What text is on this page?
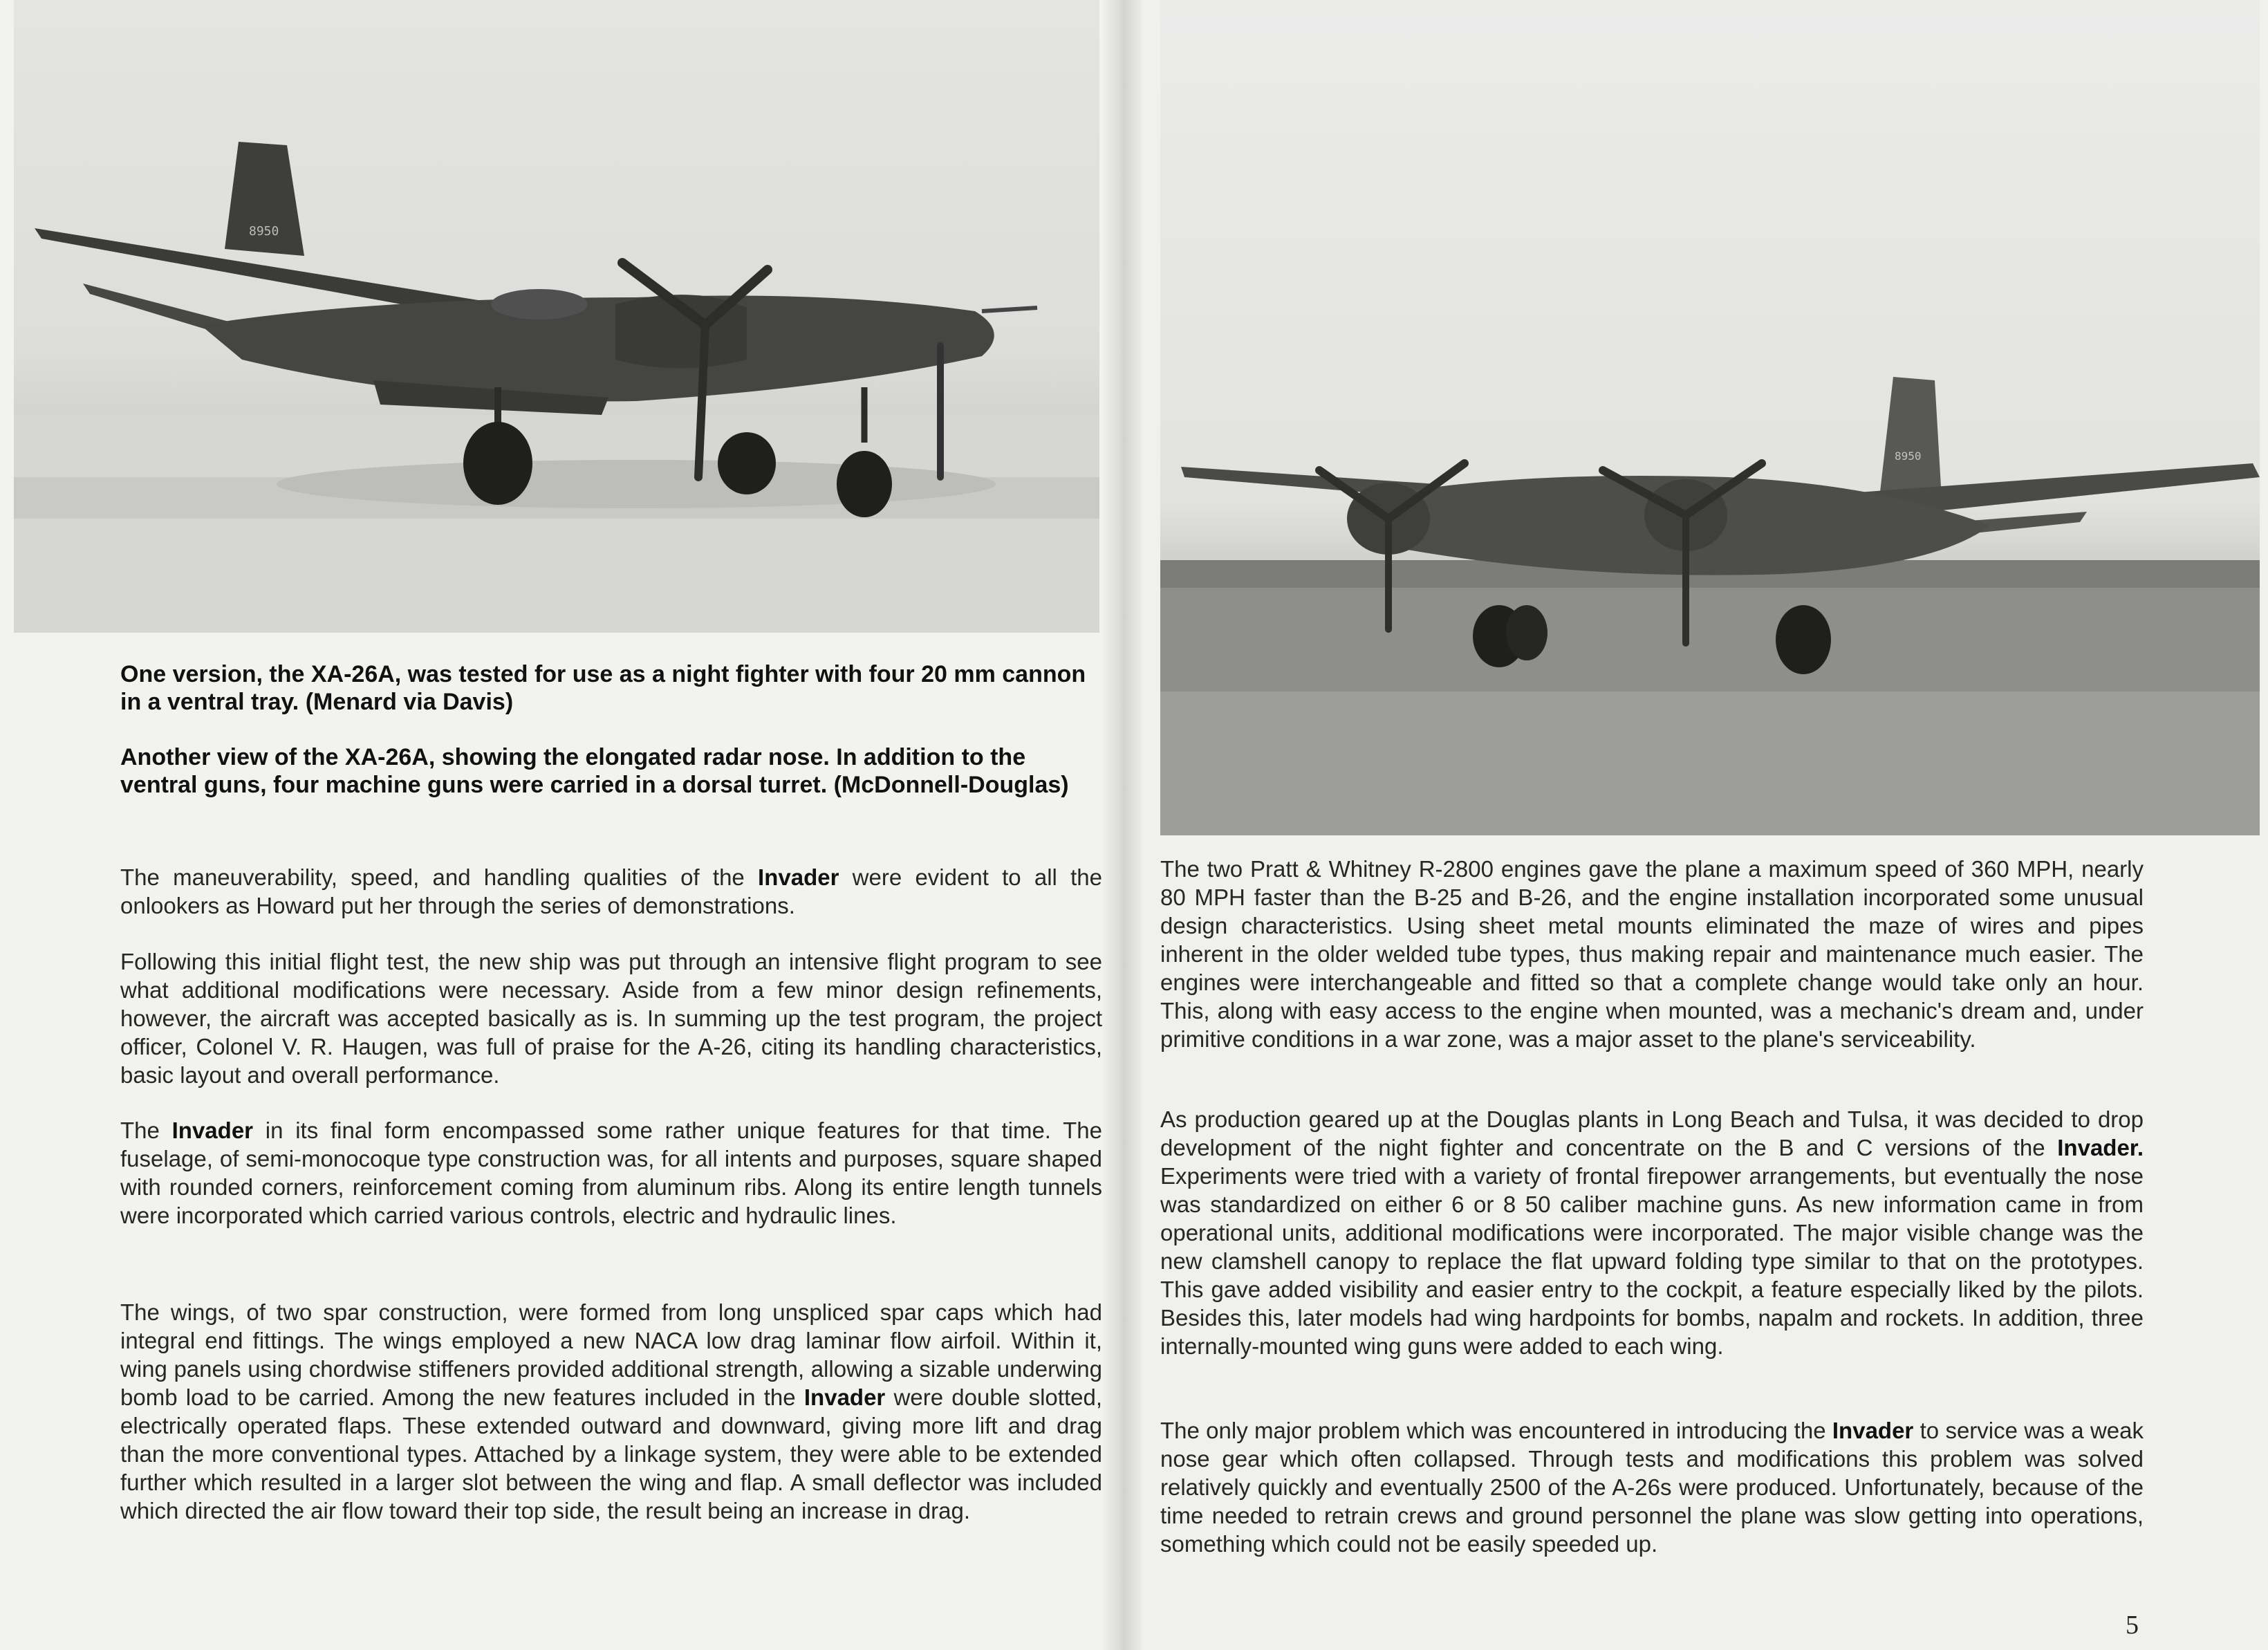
8950
8950
One version, the XA-26A, was tested for use as a night fighter with four 20 mm cannon in a ventral tray. (Menard via Davis)
Another view of the XA-26A, showing the elongated radar nose. In addition to the ventral guns, four machine guns were carried in a dorsal turret. (McDonnell-Douglas)
The maneuverability, speed, and handling qualities of the Invader were evident to all the onlookers as Howard put her through the series of demonstrations.
Following this initial flight test, the new ship was put through an intensive flight program to see what additional modifications were necessary. Aside from a few minor design refinements, however, the aircraft was accepted basically as is. In summing up the test program, the project officer, Colonel V. R. Haugen, was full of praise for the A-26, citing its handling characteristics, basic layout and overall performance.
The Invader in its final form encompassed some rather unique features for that time. The fuselage, of semi-monocoque type construction was, for all intents and purposes, square shaped with rounded corners, reinforcement coming from aluminum ribs. Along its entire length tunnels were incorporated which carried various controls, electric and hydraulic lines.
The wings, of two spar construction, were formed from long unspliced spar caps which had integral end fittings. The wings employed a new NACA low drag laminar flow airfoil. Within it, wing panels using chordwise stiffeners provided additional strength, allowing a sizable underwing bomb load to be carried. Among the new features included in the Invader were double slotted, electrically operated flaps. These extended outward and downward, giving more lift and drag than the more conventional types. Attached by a linkage system, they were able to be extended further which resulted in a larger slot between the wing and flap. A small deflector was included which directed the air flow toward their top side, the result being an increase in drag.
The two Pratt & Whitney R-2800 engines gave the plane a maximum speed of 360 MPH, nearly 80 MPH faster than the B-25 and B-26, and the engine installation incorporated some unusual design characteristics. Using sheet metal mounts eliminated the maze of wires and pipes inherent in the older welded tube types, thus making repair and maintenance much easier. The engines were interchangeable and fitted so that a complete change would take only an hour. This, along with easy access to the engine when mounted, was a mechanic's dream and, under primitive conditions in a war zone, was a major asset to the plane's serviceability.
As production geared up at the Douglas plants in Long Beach and Tulsa, it was decided to drop development of the night fighter and concentrate on the B and C versions of the Invader. Experiments were tried with a variety of frontal firepower arrangements, but eventually the nose was standardized on either 6 or 8 50 caliber machine guns. As new information came in from operational units, additional modifications were incorporated. The major visible change was the new clamshell canopy to replace the flat upward folding type similar to that on the prototypes. This gave added visibility and easier entry to the cockpit, a feature especially liked by the pilots. Besides this, later models had wing hardpoints for bombs, napalm and rockets. In addition, three internally-mounted wing guns were added to each wing.
The only major problem which was encountered in introducing the Invader to service was a weak nose gear which often collapsed. Through tests and modifications this problem was solved relatively quickly and eventually 2500 of the A-26s were produced. Unfortunately, because of the time needed to retrain crews and ground personnel the plane was slow getting into operations, something which could not be easily speeded up.
5
